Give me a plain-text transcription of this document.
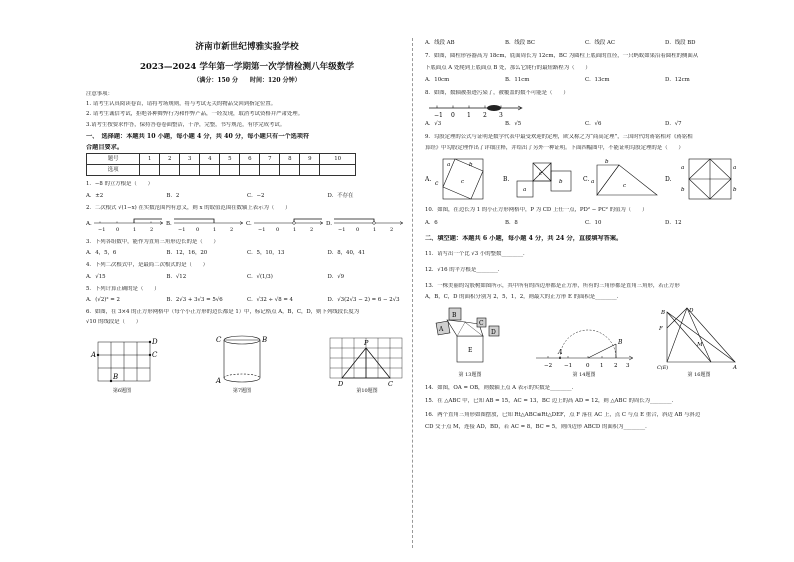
济南市新世纪博雅实验学校

2023—2024 学年第一学期第一次学情检测八年级数学

（满分：150 分　　时间：120 分钟）

注意事项：

1. 请考生认真阅读卷首，请将考场规则，将与考试无关的物品交回到指定位置。

2. 请考生诚信考试，拒绝各种舞弊行为和作弊产品，一经发现，取消考试资格并严肃处理。

3.请考生按要求作答，保持答卷卷面整洁，干净，完整，书写规范，有序完成考试。

一、　选择题：本题共 10 小题，每小题 4 分，共 40 分，每小题只有一个选项符

合题目要求。

题号	1	2	3	4	5	6	7	8	9	10
选项										

1．−8 的立方根是（　　）

A．±2	B．2	C．−2	D．不存在

2．二次根式 √(1−x) 在实数范围内有意义，则 x 的取值范围在数轴上表示为（　　）

A.
−1 0	1	2
B.
−1 0	1	2
C.
−1 0	1	2
D.
−1 0	1	2

3．下列各组数中，能作为直角三角形边长的是（　　）

A．4，5，6	B．12，16，20	C．5，10，13	D．8，40，41

4．下列二次根式中，是最简二次根式的是（　　）

A．√15	B．√12	C．√(1/3)	D．√9

5．下列计算正确的是（　　）

A．(√2)² = 2	B．2√3 + 3√3 = 5√6	C．√32 ÷ √8 = 4	D．√3(2√3 − 2) = 6 − 2√3

6．如图，在 3×4 的正方形网格中（每个小正方形的边长都是 1）中，标记格点 A，B，C，D，则下列线段长度为

√10 的线段是（　　）

A
B
C
D
第6题图
C
A
B
第7题图
P
D	C
第10题图
A．线段 AB	B．线段 BC	C．线段 AC	D．线段 BD

7．如图，圆柱形容器高为 18cm，底面周长为 12cm，BC 为圆柱上底面的直径，一只蚂蚁如果沿着圆柱的侧面从

下底面点 A 处爬到上底面点 B 处，那么它爬行的最短路程为（　　）

A．10cm	B．11cm	C．13cm	D．12cm

8．如图，数轴被墨迹污染了，被覆盖的数不可能是（　　）

−1 0 1 2 3
A．√3	B．√5	C．√6	D．√7

9．勾股定理的公式与证明是数学代表中最受欢迎的定理，欧又称之为“商高定理”，三国时代的蒋铭相对《蒋铭相

算经》中勾股定理作出了详细注释，并给出了另外一种证明。下面四幅图中，不能证明勾股定理的是（　　）

A.
a	b
c	c	B.
a
c
b	C. a
b
c
D.
a
b
a
b

10．如图，在边长为 1 的小正方形网格中，P 为 CD 上任一点，PD² − PC² 的值为（　　）

A．6	B．8	C．10	D．12

二、填空题：本题共 6 小题，每小题 4 分，共 24 分，直接填写答案。

11．请写出一个比 √3 小的整数________．

12．√16 的平方根是________．

13．一株美丽的勾股树如图所示，其中所有的四边形都是正方形，所有的三角形都是直角三角形，若正方形

A，B，C，D 的面积分别为 2，5，1，2，则最大的正方形 E 的面积是________．

A
B
C
D
E
第 13题图
A
B
−2 −1	0 1 2 3
第 14题图
F
B	D
M
C(E)	A
第 16题图

14．如图，OA = OB，则数轴上点 A 表示的实数是________．

15．在 △ABC 中，已知 AB = 15，AC = 13，BC 边上的高 AD = 12，则 △ABC 的周长为________．

16．两个直角三角形如图摆放，已知 Rt△ABC≌Rt△DEF，点 F 落在 AC 上，点 C 与点 E 重合，斜边 AB 与斜边

CD 交于点 M，连接 AD，BD，若 AC = 8，BC = 5，则四边形 ABCD 的面积为________．
